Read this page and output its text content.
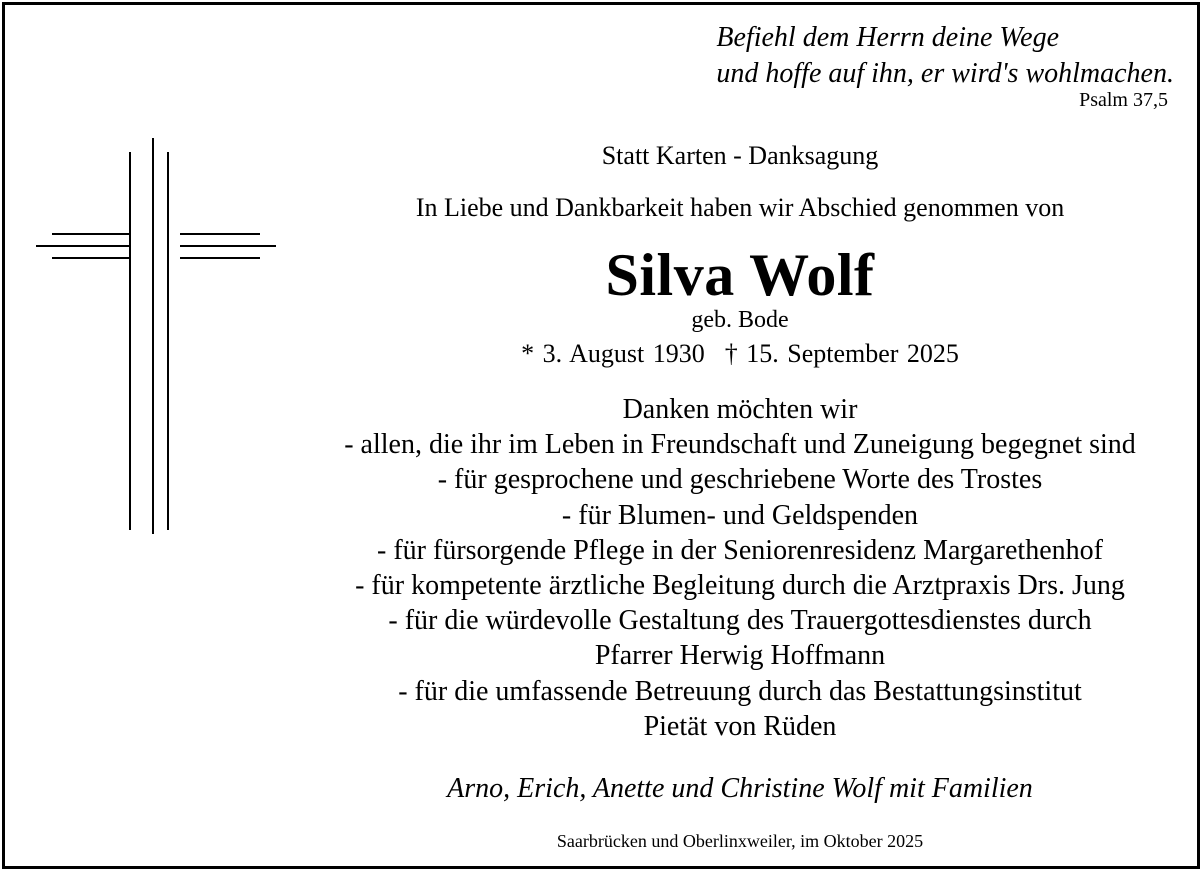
Befiehl dem Herrn deine Wege
und hoffe auf ihn, er wird's wohlmachen.
Psalm 37,5
Statt Karten - Danksagung
In Liebe und Dankbarkeit haben wir Abschied genommen von
Silva Wolf
geb. Bode
* 3. August 1930 † 15. September 2025
Danken möchten wir
- allen, die ihr im Leben in Freundschaft und Zuneigung begegnet sind
- für gesprochene und geschriebene Worte des Trostes
- für Blumen- und Geldspenden
- für fürsorgende Pflege in der Seniorenresidenz Margarethenhof
- für kompetente ärztliche Begleitung durch die Arztpraxis Drs. Jung
- für die würdevolle Gestaltung des Trauergottesdienstes durch
Pfarrer Herwig Hoffmann
- für die umfassende Betreuung durch das Bestattungsinstitut
Pietät von Rüden
Arno, Erich, Anette und Christine Wolf mit Familien
Saarbrücken und Oberlinxweiler, im Oktober 2025
